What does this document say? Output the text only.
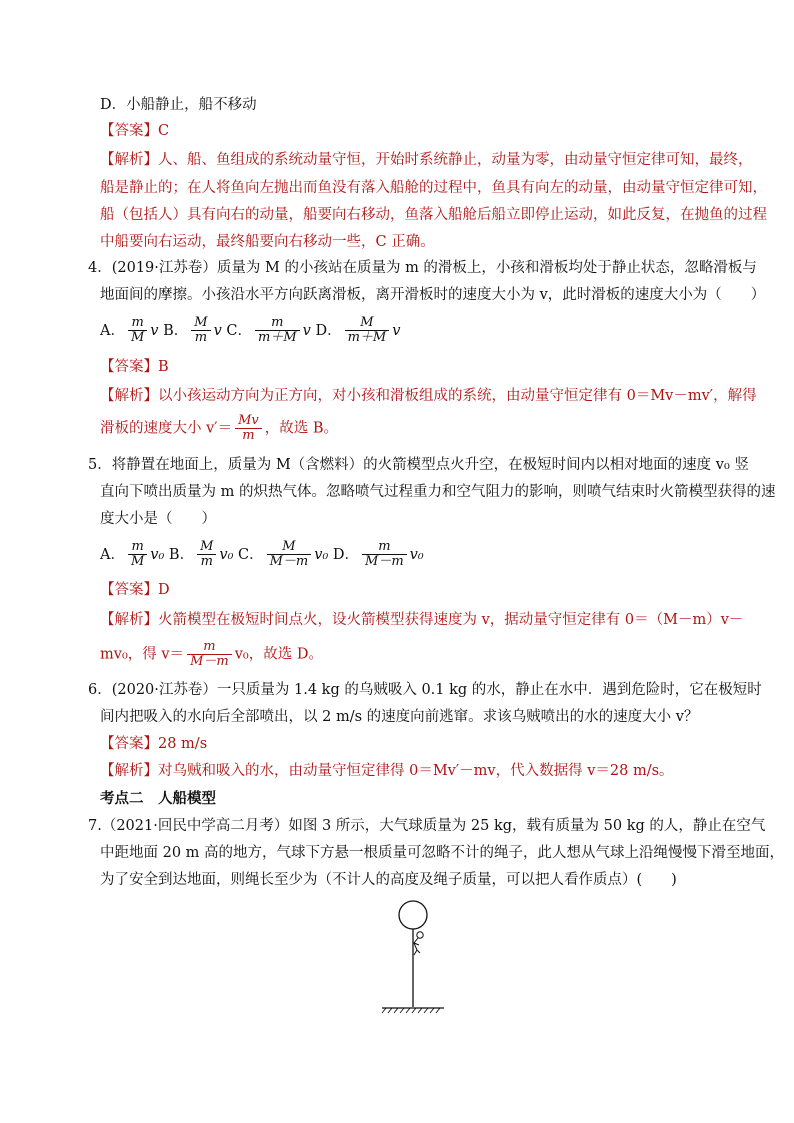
D．小船静止，船不移动
【答案】C
【解析】人、船、鱼组成的系统动量守恒，开始时系统静止，动量为零，由动量守恒定律可知，最终，
船是静止的；在人将鱼向左抛出而鱼没有落入船舱的过程中，鱼具有向左的动量，由动量守恒定律可知，
船（包括人）具有向右的动量，船要向右移动，鱼落入船舱后船立即停止运动，如此反复，在抛鱼的过程
中船要向右运动，最终船要向右移动一些，C 正确。
4．(2019·江苏卷）质量为 M 的小孩站在质量为 m 的滑板上，小孩和滑板均处于静止状态，忽略滑板与
地面间的摩擦。小孩沿水平方向跃离滑板，离开滑板时的速度大小为 v，此时滑板的速度大小为（　　）
A． $\frac{m}{M}$ v B． $\frac{M}{m}$ v C． $\frac{m}{m+M}$ v D． $\frac{M}{m+M}$ v
【答案】B
【解析】以小孩运动方向为正方向，对小孩和滑板组成的系统，由动量守恒定律有 0＝Mv－mv′，解得
滑板的速度大小 $v'= \frac{Mv}{m}$ ，故选 B。
5．将静置在地面上，质量为 M（含燃料）的火箭模型点火升空，在极短时间内以相对地面的速度 v₀ 竖
直向下喷出质量为 m 的炽热气体。忽略喷气过程重力和空气阻力的影响，则喷气结束时火箭模型获得的速
度大小是（　　）
A． $\frac{m}{M} v_0$ B． $\frac{M}{m} v_0$ C． $\frac{M}{M-m} v_0$ D． $\frac{m}{M-m} v_0$
【答案】D
【解析】火箭模型在极短时间点火，设火箭模型获得速度为 v，据动量守恒定律有 0＝（M－m）v－
mv₀，得 $v= \frac{m}{M-m} v_0$，故选 D。
6．(2020·江苏卷）一只质量为 1.4 kg 的乌贼吸入 0.1 kg 的水，静止在水中．遇到危险时，它在极短时
间内把吸入的水向后全部喷出，以 2 m/s 的速度向前逃窜。求该乌贼喷出的水的速度大小 v？
【答案】28 m/s
【解析】对乌贼和吸入的水，由动量守恒定律得 0＝Mv′－mv，代入数据得 v＝28 m/s。
考点二　人船模型
7.（2021·回民中学高二月考）如图 3 所示，大气球质量为 25 kg，载有质量为 50 kg 的人，静止在空气
中距地面 20 m 高的地方，气球下方悬一根质量可忽略不计的绳子，此人想从气球上沿绳慢慢下滑至地面，
为了安全到达地面，则绳长至少为（不计人的高度及绳子质量，可以把人看作质点）(　　)
